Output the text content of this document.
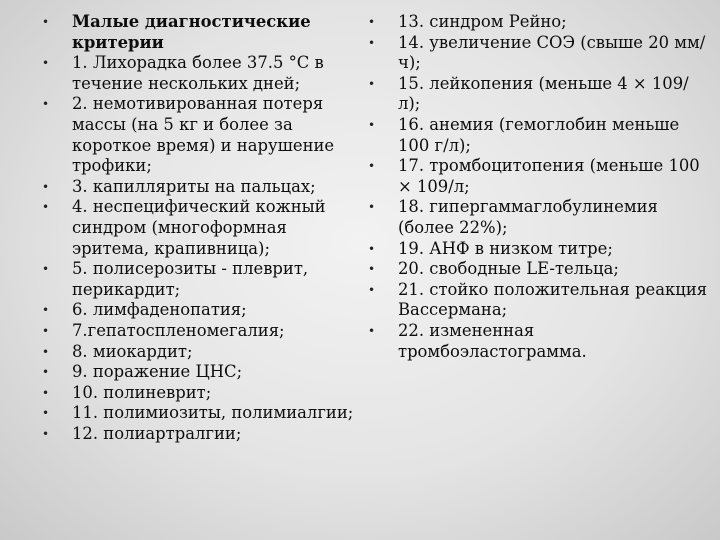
• Малые диагностические критерии
• 1. Лихорадка более 37.5 °С в течение нескольких дней;
• 2. немотивированная потеря массы (на 5 кг и более за короткое время) и нарушение трофики;
• 3. капилляриты на пальцах;
• 4. неспецифический кожный синдром (многоформная эритема, крапивница);
• 5. полисерозиты - плеврит, перикардит;
• 6. лимфаденопатия;
• 7.гепатоспленомегалия;
• 8. миокардит;
• 9. поражение ЦНС;
• 10. полиневрит;
• 11. полимиозиты, полимиалгии;
• 12. полиартралгии;
• 13. синдром Рейно;
• 14. увеличение СОЭ (свыше 20 мм/ч);
• 15. лейкопения (меньше 4 × 109/л);
• 16. анемия (гемоглобин меньше 100 г/л);
• 17. тромбоцитопения (меньше 100 × 109/л;
• 18. гипергаммаглобулинемия (более 22%);
• 19. АНФ в низком титре;
• 20. свободные LE-тельца;
• 21. стойко положительная реакция Вассермана;
• 22. измененная тромбоэластограмма.
